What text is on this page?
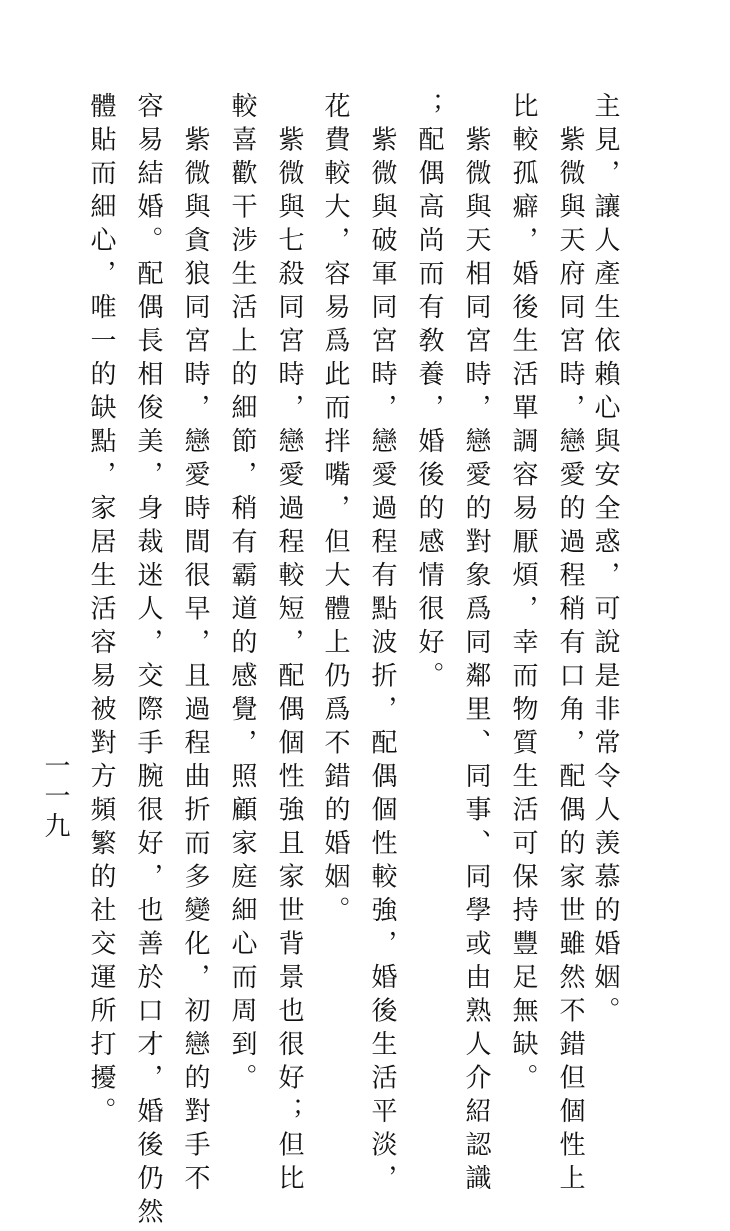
主見，讓人產生依賴心與安全惑，可說是非常令人羡慕的婚姻。
　紫微與天府同宮時，戀愛的過程稍有口角，配偶的家世雖然不錯但個性上
比較孤癖，婚後生活單調容易厭煩，幸而物質生活可保持豐足無缺。
　紫微與天相同宮時，戀愛的對象爲同鄰里、同事、同學或由熟人介紹認識
；配偶高尚而有敎養，婚後的感情很好。
　紫微與破軍同宮時，戀愛過程有點波折，配偶個性較強，婚後生活平淡，
花費較大，容易爲此而拌嘴，但大體上仍爲不錯的婚姻。
　紫微與七殺同宮時，戀愛過程較短，配偶個性強且家世背景也很好；但比
較喜歡干涉生活上的細節，稍有霸道的感覺，照顧家庭細心而周到。
　紫微與貪狼同宮時，戀愛時間很早，且過程曲折而多變化，初戀的對手不
容易結婚。配偶長相俊美，身裁迷人，交際手腕很好，也善於口才，婚後仍然
體貼而細心，唯一的缺點，家居生活容易被對方頻繁的社交運所打擾。
一一九
